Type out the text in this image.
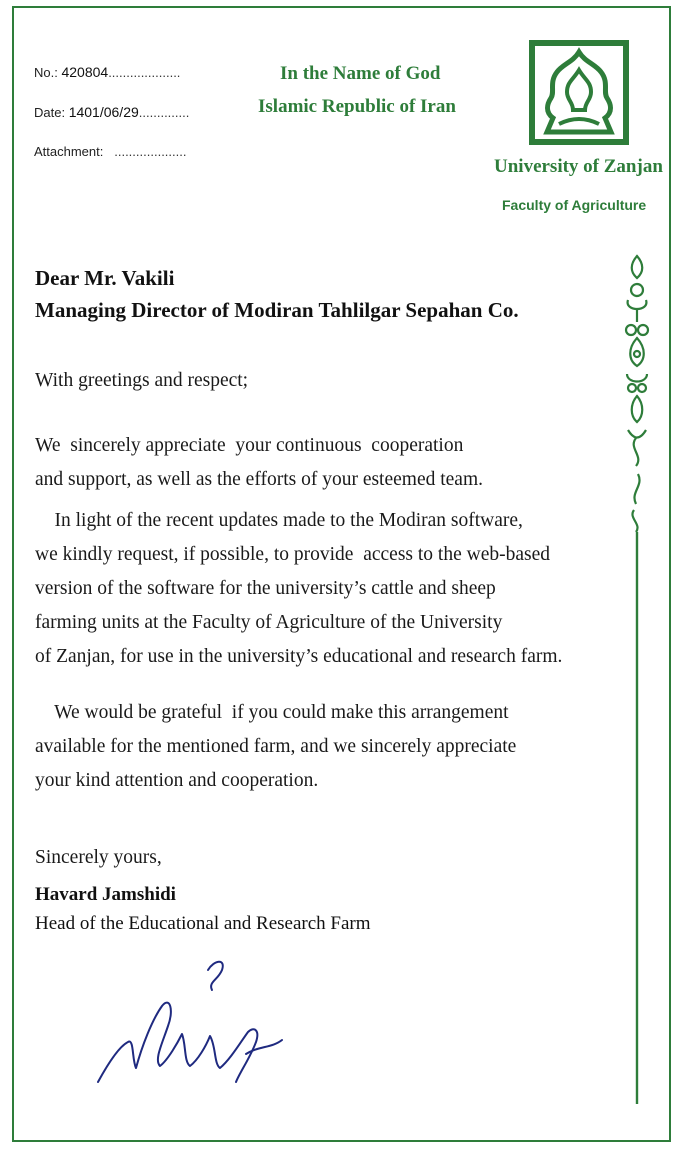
No.: 420804....................
Date: 1401/06/29..............
Attachment: ....................
In the Name of God
Islamic Republic of Iran
University of Zanjan
Faculty of Agriculture
Dear Mr. Vakili
Managing Director of Modiran Tahlilgar Sepahan Co.
With greetings and respect;
We  sincerely appreciate  your continuous  cooperation
and support, as well as the efforts of your esteemed team.
In light of the recent updates made to the Modiran software,
we kindly request, if possible, to provide  access to the web-based
version of the software for the university’s cattle and sheep
farming units at the Faculty of Agriculture of the University
of Zanjan, for use in the university’s educational and research farm.
We would be grateful  if you could make this arrangement
available for the mentioned farm, and we sincerely appreciate
your kind attention and cooperation.
Sincerely yours,
Havard Jamshidi
Head of the Educational and Research Farm
